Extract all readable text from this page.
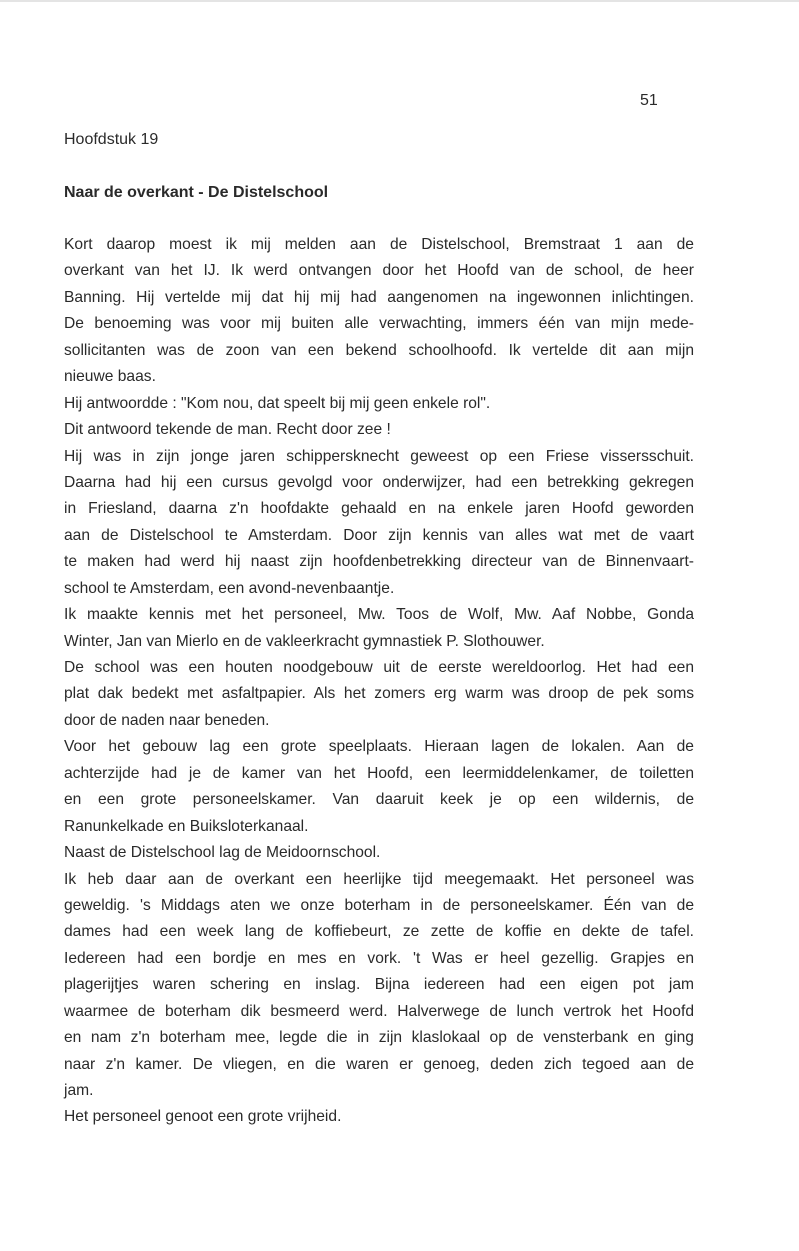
51
Hoofdstuk 19
Naar de overkant - De Distelschool
Kort daarop moest ik mij melden aan de Distelschool, Bremstraat 1 aan de
overkant van het IJ. Ik werd ontvangen door het Hoofd van de school, de heer
Banning. Hij vertelde mij dat hij mij had aangenomen na ingewonnen inlichtingen.
De benoeming was voor mij buiten alle verwachting, immers één van mijn mede-
sollicitanten was de zoon van een bekend schoolhoofd. Ik vertelde dit aan mijn
nieuwe baas.
Hij antwoordde : "Kom nou, dat speelt bij mij geen enkele rol".
Dit antwoord tekende de man. Recht door zee !
Hij was in zijn jonge jaren schippersknecht geweest op een Friese vissersschuit.
Daarna had hij een cursus gevolgd voor onderwijzer, had een betrekking gekregen
in Friesland, daarna z'n hoofdakte gehaald en na enkele jaren Hoofd geworden
aan de Distelschool te Amsterdam. Door zijn kennis van alles wat met de vaart
te maken had werd hij naast zijn hoofdenbetrekking directeur van de Binnenvaart-
school te Amsterdam, een avond-nevenbaantje.
Ik maakte kennis met het personeel, Mw. Toos de Wolf, Mw. Aaf Nobbe, Gonda
Winter, Jan van Mierlo en de vakleerkracht gymnastiek P. Slothouwer.
De school was een houten noodgebouw uit de eerste wereldoorlog. Het had een
plat dak bedekt met asfaltpapier. Als het zomers erg warm was droop de pek soms
door de naden naar beneden.
Voor het gebouw lag een grote speelplaats. Hieraan lagen de lokalen. Aan de
achterzijde had je de kamer van het Hoofd, een leermiddelenkamer, de toiletten
en een grote personeelskamer. Van daaruit keek je op een wildernis, de
Ranunkelkade en Buiksloterkanaal.
Naast de Distelschool lag de Meidoornschool.
Ik heb daar aan de overkant een heerlijke tijd meegemaakt. Het personeel was
geweldig. 's Middags aten we onze boterham in de personeelskamer. Één van de
dames had een week lang de koffiebeurt, ze zette de koffie en dekte de tafel.
Iedereen had een bordje en mes en vork. 't Was er heel gezellig. Grapjes en
plagerijtjes waren schering en inslag. Bijna iedereen had een eigen pot jam
waarmee de boterham dik besmeerd werd. Halverwege de lunch vertrok het Hoofd
en nam z'n boterham mee, legde die in zijn klaslokaal op de vensterbank en ging
naar z'n kamer. De vliegen, en die waren er genoeg, deden zich tegoed aan de
jam.
Het personeel genoot een grote vrijheid.
